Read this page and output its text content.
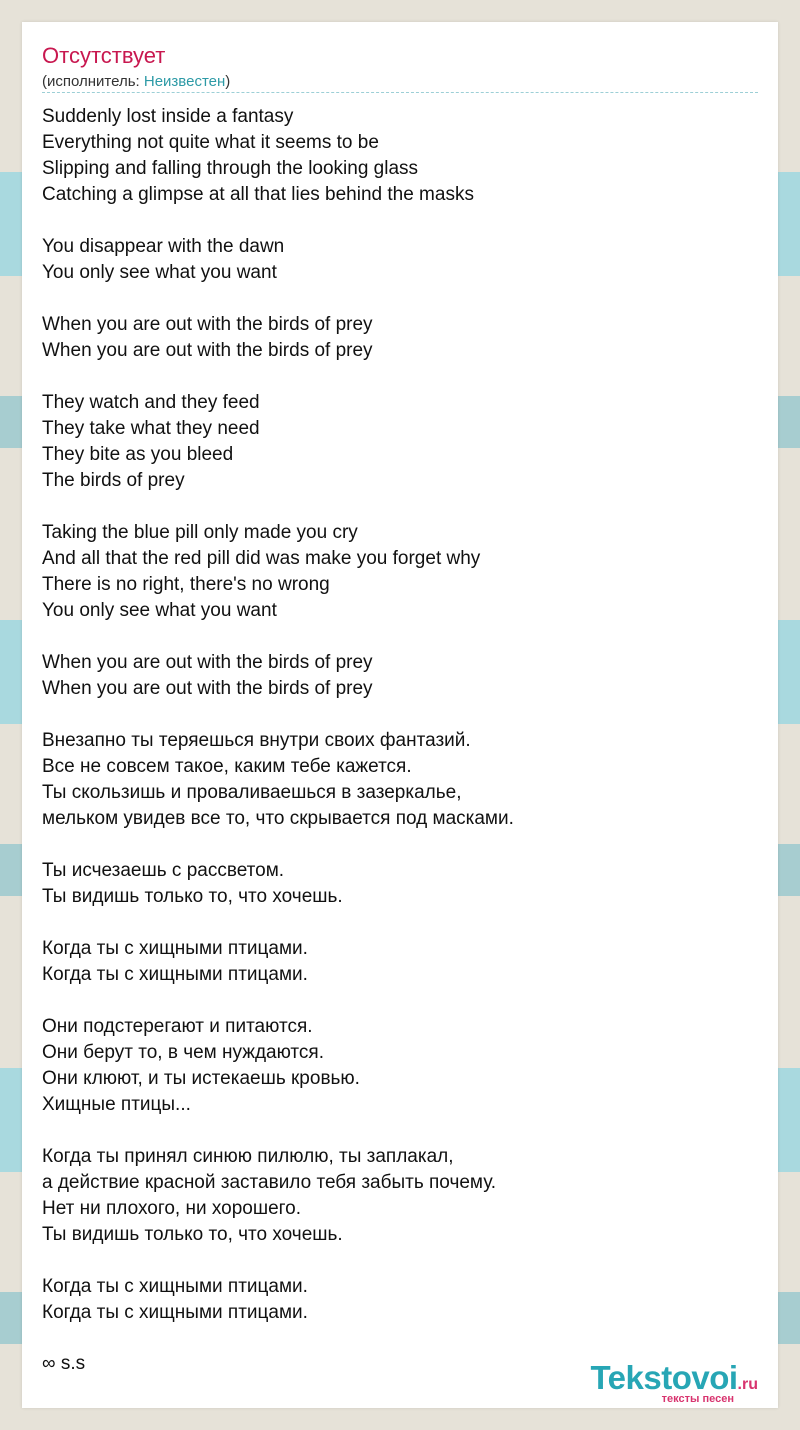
Отсутствует
(исполнитель: Неизвестен)
Suddenly lost inside a fantasy
Everything not quite what it seems to be
Slipping and falling through the looking glass
Catching a glimpse at all that lies behind the masks
You disappear with the dawn
You only see what you want
When you are out with the birds of prey
When you are out with the birds of prey
They watch and they feed
They take what they need
They bite as you bleed
The birds of prey
Taking the blue pill only made you cry
And all that the red pill did was make you forget why
There is no right, there's no wrong
You only see what you want
When you are out with the birds of prey
When you are out with the birds of prey
Внезапно ты теряешься внутри своих фантазий.
Все не совсем такое, каким тебе кажется.
Ты скользишь и проваливаешься в зазеркалье,
мельком увидев все то, что скрывается под масками.
Ты исчезаешь с рассветом.
Ты видишь только то, что хочешь.
Когда ты с хищными птицами.
Когда ты с хищными птицами.
Они подстерегают и питаются.
Они берут то, в чем нуждаются.
Они клюют, и ты истекаешь кровью.
Хищные птицы...
Когда ты принял синюю пилюлю, ты заплакал,
а действие красной заставило тебя забыть почему.
Нет ни плохого, ни хорошего.
Ты видишь только то, что хочешь.
Когда ты с хищными птицами.
Когда ты с хищными птицами.
∞ s.s	Tekstovoi.ru
тексты песен
